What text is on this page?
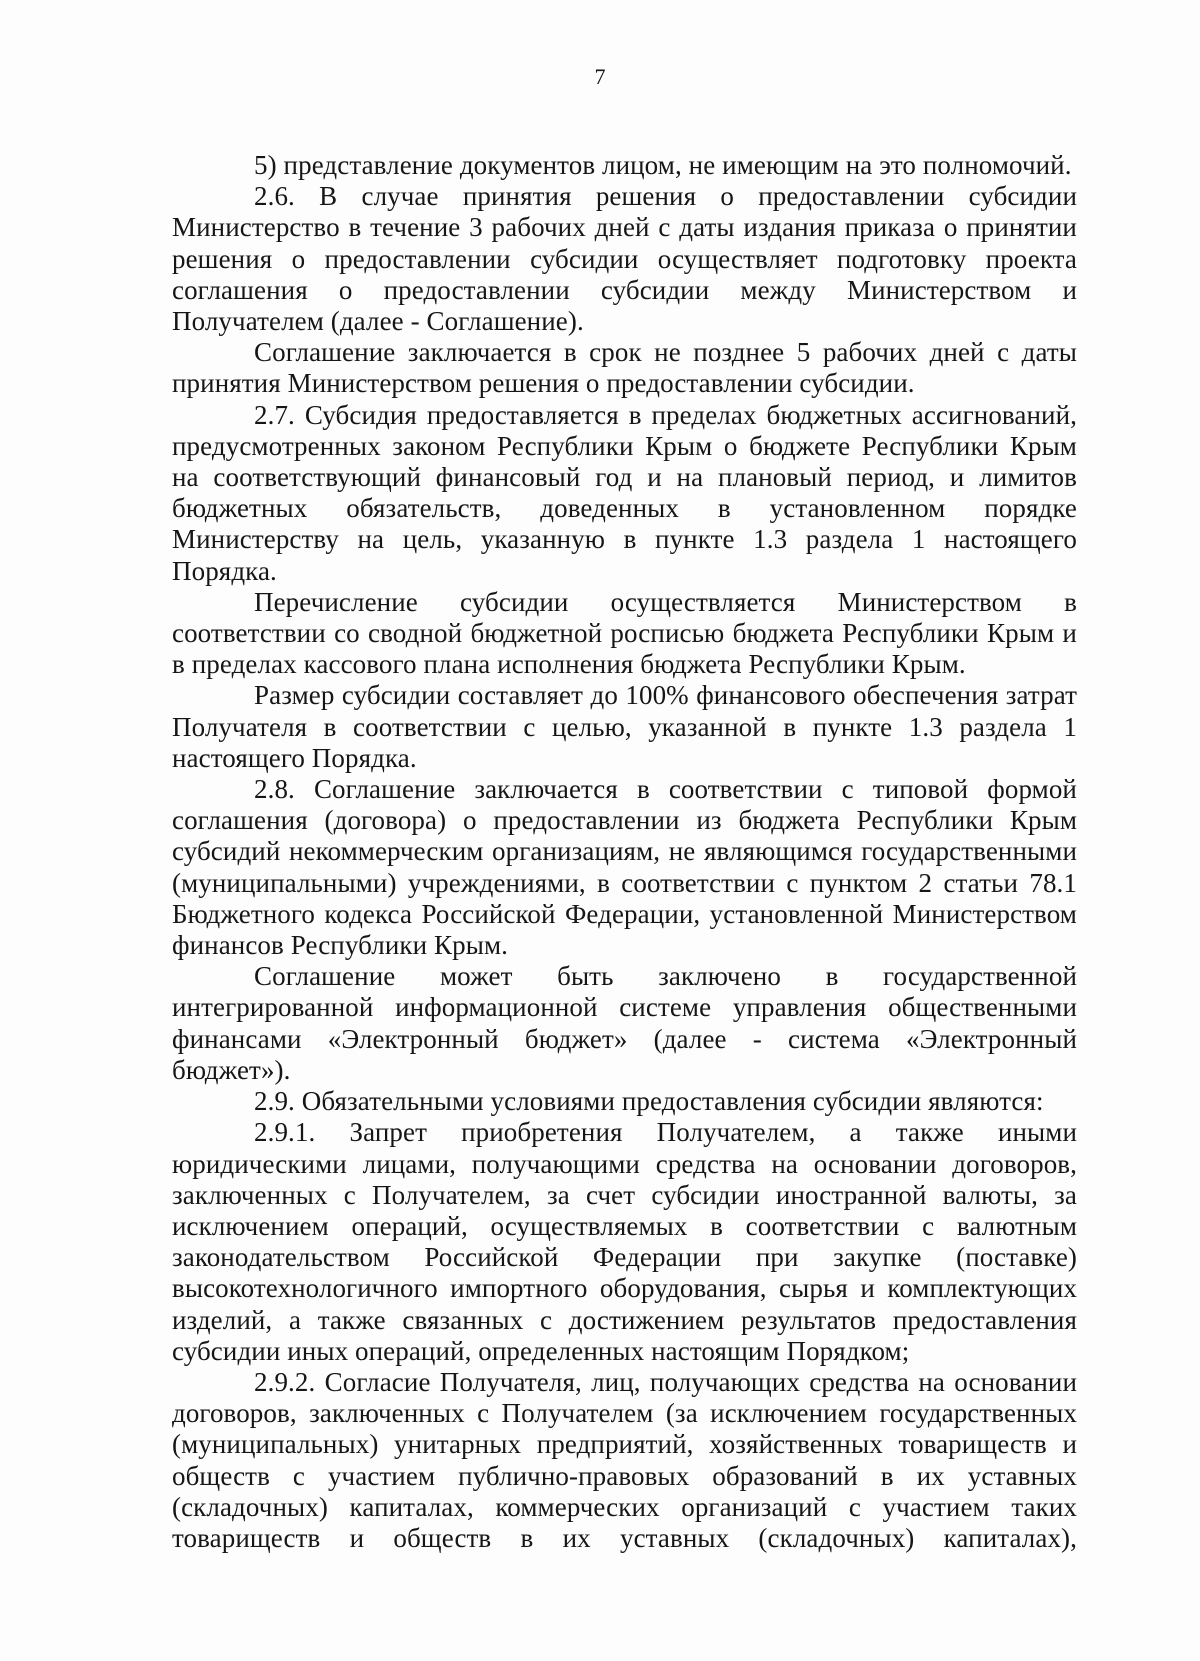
7

5) представление документов лицом, не имеющим на это полномочий.

2.6. В случае принятия решения о предоставлении субсидии Министерство в течение 3 рабочих дней с даты издания приказа о принятии решения о предоставлении субсидии осуществляет подготовку проекта соглашения о предоставлении субсидии между Министерством и Получателем (далее - Соглашение).

Соглашение заключается в срок не позднее 5 рабочих дней с даты принятия Министерством решения о предоставлении субсидии.

2.7. Субсидия предоставляется в пределах бюджетных ассигнований, предусмотренных законом Республики Крым о бюджете Республики Крым на соответствующий финансовый год и на плановый период, и лимитов бюджетных обязательств, доведенных в установленном порядке Министерству на цель, указанную в пункте 1.3 раздела 1 настоящего Порядка.

Перечисление субсидии осуществляется Министерством в соответствии со сводной бюджетной росписью бюджета Республики Крым и в пределах кассового плана исполнения бюджета Республики Крым.

Размер субсидии составляет до 100% финансового обеспечения затрат Получателя в соответствии с целью, указанной в пункте 1.3 раздела 1 настоящего Порядка.

2.8. Соглашение заключается в соответствии с типовой формой соглашения (договора) о предоставлении из бюджета Республики Крым субсидий некоммерческим организациям, не являющимся государственными (муниципальными) учреждениями, в соответствии с пунктом 2 статьи 78.1 Бюджетного кодекса Российской Федерации, установленной Министерством финансов Республики Крым.

Соглашение может быть заключено в государственной интегрированной информационной системе управления общественными финансами «Электронный бюджет» (далее - система «Электронный бюджет»).

2.9. Обязательными условиями предоставления субсидии являются:

2.9.1. Запрет приобретения Получателем, а также иными юридическими лицами, получающими средства на основании договоров, заключенных с Получателем, за счет субсидии иностранной валюты, за исключением операций, осуществляемых в соответствии с валютным законодательством Российской Федерации при закупке (поставке) высокотехнологичного импортного оборудования, сырья и комплектующих изделий, а также связанных с достижением результатов предоставления субсидии иных операций, определенных настоящим Порядком;

2.9.2. Согласие Получателя, лиц, получающих средства на основании договоров, заключенных с Получателем (за исключением государственных (муниципальных) унитарных предприятий, хозяйственных товариществ и обществ с участием публично-правовых образований в их уставных (складочных) капиталах, коммерческих организаций с участием таких товариществ и обществ в их уставных (складочных) капиталах),
